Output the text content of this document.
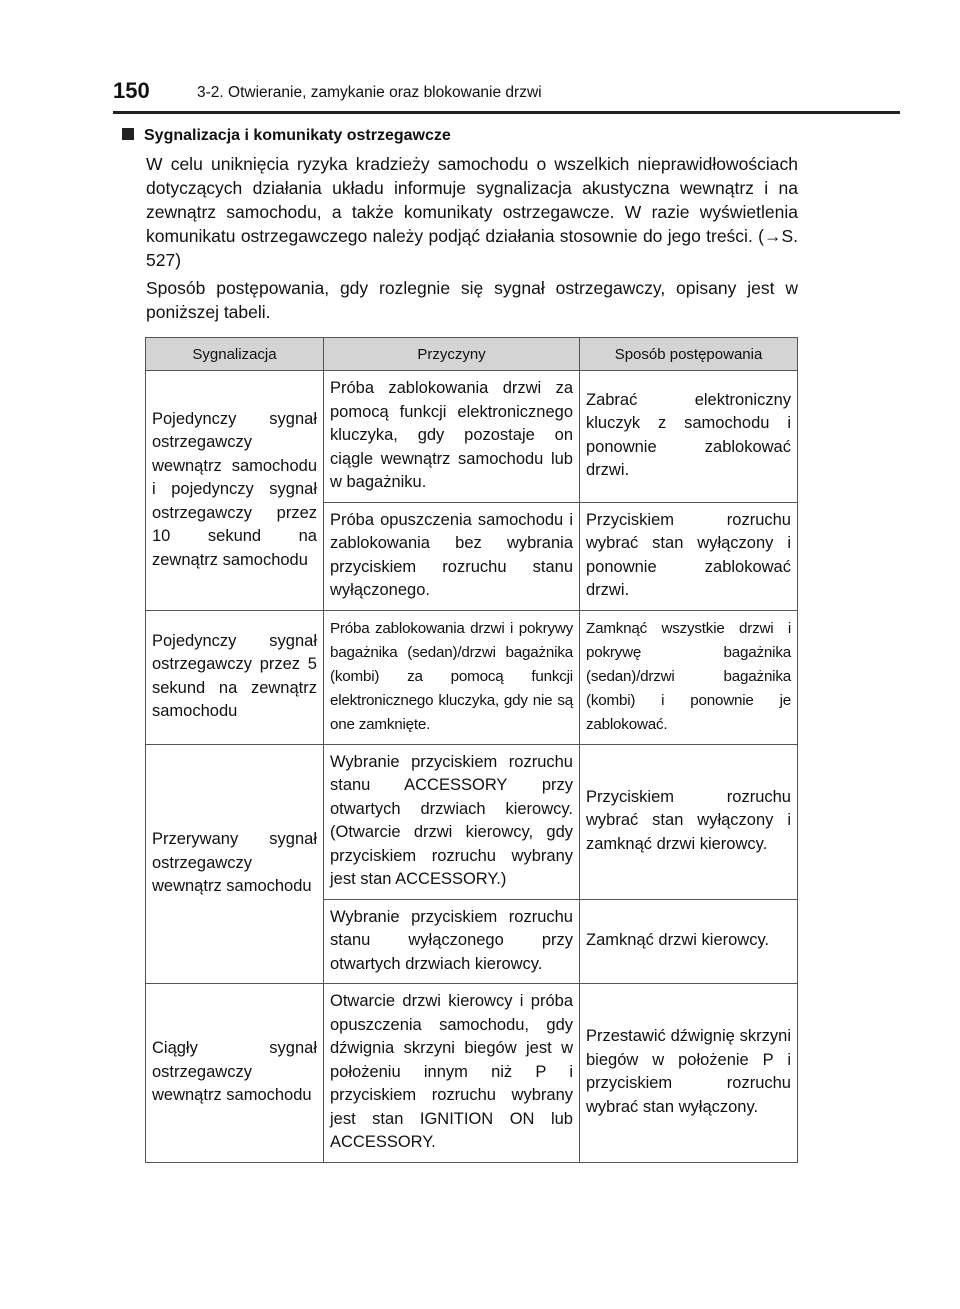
150	3-2. Otwieranie, zamykanie oraz blokowanie drzwi
Sygnalizacja i komunikaty ostrzegawcze
W celu uniknięcia ryzyka kradzieży samochodu o wszelkich nieprawidłowościach dotyczących działania układu informuje sygnalizacja akustyczna wewnątrz i na zewnątrz samochodu, a także komunikaty ostrzegawcze. W razie wyświetlenia komunikatu ostrzegawczego należy podjąć działania stosownie do jego treści. (→S. 527)
Sposób postępowania, gdy rozlegnie się sygnał ostrzegawczy, opisany jest w poniższej tabeli.
Sygnalizacja	Przyczyny	Sposób postępowania
Pojedynczy sygnał ostrzegawczy wewnątrz samochodu i pojedynczy sygnał ostrzegawczy przez 10 sekund na zewnątrz samochodu	Próba zablokowania drzwi za pomocą funkcji elektronicznego kluczyka, gdy pozostaje on ciągle wewnątrz samochodu lub w bagażniku.	Zabrać elektroniczny kluczyk z samochodu i ponownie zablokować drzwi.
	Próba opuszczenia samochodu i zablokowania bez wybrania przyciskiem rozruchu stanu wyłączonego.	Przyciskiem rozruchu wybrać stan wyłączony i ponownie zablokować drzwi.
Pojedynczy sygnał ostrzegawczy przez 5 sekund na zewnątrz samochodu	Próba zablokowania drzwi i pokrywy bagażnika (sedan)/drzwi bagażnika (kombi) za pomocą funkcji elektronicznego kluczyka, gdy nie są one zamknięte.	Zamknąć wszystkie drzwi i pokrywę bagażnika (sedan)/drzwi bagażnika (kombi) i ponownie je zablokować.
Przerywany sygnał ostrzegawczy wewnątrz samochodu	Wybranie przyciskiem rozruchu stanu ACCESSORY przy otwartych drzwiach kierowcy. (Otwarcie drzwi kierowcy, gdy przyciskiem rozruchu wybrany jest stan ACCESSORY.)	Przyciskiem rozruchu wybrać stan wyłączony i zamknąć drzwi kierowcy.
	Wybranie przyciskiem rozruchu stanu wyłączonego przy otwartych drzwiach kierowcy.	Zamknąć drzwi kierowcy.
Ciągły sygnał ostrzegawczy wewnątrz samochodu	Otwarcie drzwi kierowcy i próba opuszczenia samochodu, gdy dźwignia skrzyni biegów jest w położeniu innym niż P i przyciskiem rozruchu wybrany jest stan IGNITION ON lub ACCESSORY.	Przestawić dźwignię skrzyni biegów w położenie P i przyciskiem rozruchu wybrać stan wyłączony.
